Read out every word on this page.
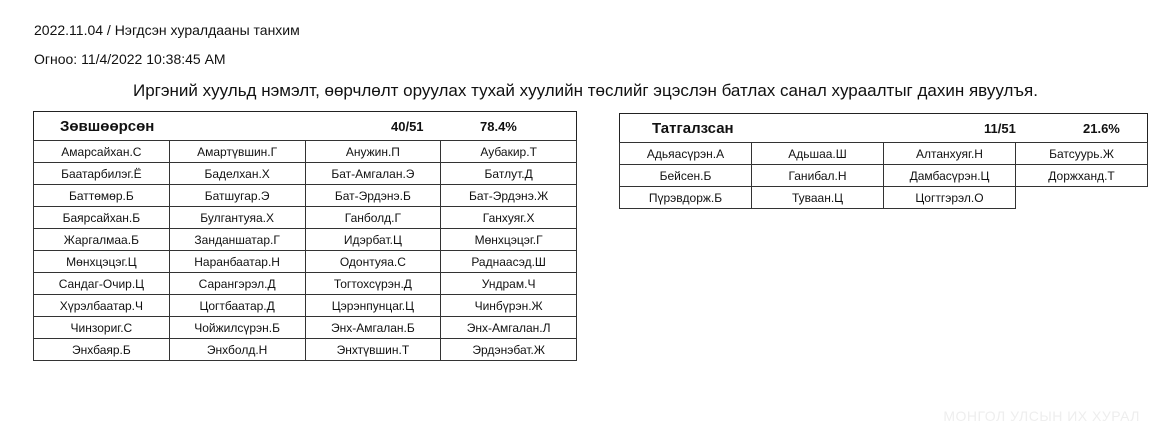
2022.11.04 / Нэгдсэн хуралдааны танхим
Огноо: 11/4/2022 10:38:45 AM
Иргэний хуульд нэмэлт, өөрчлөлт оруулах тухай хуулийн төслийг эцэслэн батлах санал хураалтыг дахин явуулъя.
Зөвшөөрсөн	40/51	78.4%
Амарсайхан.С	Амартүвшин.Г	Анужин.П	Аубакир.Т
Баатарбилэг.Ё	Баделхан.Х	Бат-Амгалан.Э	Батлут.Д
Баттөмөр.Б	Батшугар.Э	Бат-Эрдэнэ.Б	Бат-Эрдэнэ.Ж
Баярсайхан.Б	Булгантуяа.Х	Ганболд.Г	Ганхуяг.Х
Жаргалмаа.Б	Занданшатар.Г	Идэрбат.Ц	Мөнхцэцэг.Г
Мөнхцэцэг.Ц	Наранбаатар.Н	Одонтуяа.С	Раднаасэд.Ш
Сандаг-Очир.Ц	Сарангэрэл.Д	Тогтохсүрэн.Д	Ундрам.Ч
Хүрэлбаатар.Ч	Цогтбаатар.Д	Цэрэнпунцаг.Ц	Чинбүрэн.Ж
Чинзориг.С	Чойжилсүрэн.Б	Энх-Амгалан.Б	Энх-Амгалан.Л
Энхбаяр.Б	Энхболд.Н	Энхтүвшин.Т	Эрдэнэбат.Ж
Татгалзсан	11/51	21.6%
Адьяасүрэн.А	Адьшаа.Ш	Алтанхуяг.Н	Батсуурь.Ж
Бейсен.Б	Ганибал.Н	Дамбасүрэн.Ц	Доржханд.Т
Пүрэвдорж.Б	Туваан.Ц	Цогтгэрэл.О	
МОНГОЛ УЛСЫН ИХ ХУРАЛ
